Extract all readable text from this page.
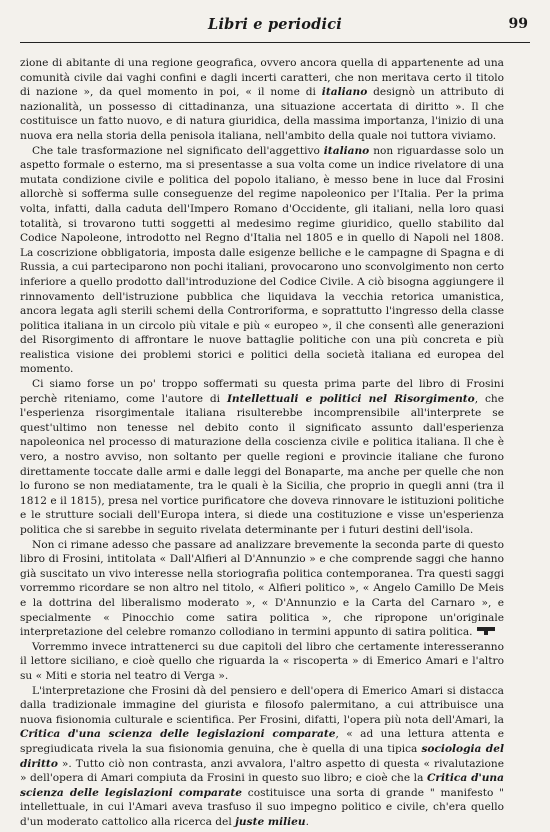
Libri e periodici	99

zione di abitante di una regione geografica, ovvero ancora quella di appartenente ad una comunità civile dai vaghi confini e dagli incerti caratteri, che non meritava certo il titolo di nazione », da quel momento in poi, « il nome di italiano designò un attributo di nazionalità, un possesso di cittadinanza, una situazione accertata di diritto ». Il che costituisce un fatto nuovo, e di natura giuridica, della massima importanza, l'inizio di una nuova era nella storia della penisola italiana, nell'ambito della quale noi tuttora viviamo.

Che tale trasformazione nel significato dell'aggettivo italiano non riguardasse solo un aspetto formale o esterno, ma si presentasse a sua volta come un indice rivelatore di una mutata condizione civile e politica del popolo italiano, è messo bene in luce dal Frosini allorchè si sofferma sulle conseguenze del regime napoleonico per l'Italia. Per la prima volta, infatti, dalla caduta dell'Impero Romano d'Occidente, gli italiani, nella loro quasi totalità, si trovarono tutti soggetti al medesimo regime giuridico, quello stabilito dal Codice Napoleone, introdotto nel Regno d'Italia nel 1805 e in quello di Napoli nel 1808. La coscrizione obbligatoria, imposta dalle esigenze belliche e le campagne di Spagna e di Russia, a cui parteciparono non pochi italiani, provocarono uno sconvolgimento non certo inferiore a quello prodotto dall'introduzione del Codice Civile. A ciò bisogna aggiungere il rinnovamento dell'istruzione pubblica che liquidava la vecchia retorica umanistica, ancora legata agli sterili schemi della Controriforma, e soprattutto l'ingresso della classe politica italiana in un circolo più vitale e più « europeo », il che consentì alle generazioni del Risorgimento di affrontare le nuove battaglie politiche con una più concreta e più realistica visione dei problemi storici e politici della società italiana ed europea del momento.

Ci siamo forse un po' troppo soffermati su questa prima parte del libro di Frosini perchè riteniamo, come l'autore di Intellettuali e politici nel Risorgimento, che l'esperienza risorgimentale italiana risulterebbe incomprensibile all'interprete se quest'ultimo non tenesse nel debito conto il significato assunto dall'esperienza napoleonica nel processo di maturazione della coscienza civile e politica italiana. Il che è vero, a nostro avviso, non soltanto per quelle regioni e provincie italiane che furono direttamente toccate dalle armi e dalle leggi del Bonaparte, ma anche per quelle che non lo furono se non mediatamente, tra le quali è la Sicilia, che proprio in quegli anni (tra il 1812 e il 1815), presa nel vortice purificatore che doveva rinnovare le istituzioni politiche e le strutture sociali dell'Europa intera, si diede una costituzione e visse un'esperienza politica che si sarebbe in seguito rivelata determinante per i futuri destini dell'isola.

Non ci rimane adesso che passare ad analizzare brevemente la seconda parte di questo libro di Frosini, intitolata « Dall'Alfieri al D'Annunzio » e che comprende saggi che hanno già suscitato un vivo interesse nella storiografia politica contemporanea. Tra questi saggi vorremmo ricordare se non altro nel titolo, « Alfieri politico », « Angelo Camillo De Meis e la dottrina del liberalismo moderato », « D'Annunzio e la Carta del Carnaro », e specialmente « Pinocchio come satira politica », che ripropone un'originale interpretazione del celebre romanzo collodiano in termini appunto di satira politica.

Vorremmo invece intrattenerci su due capitoli del libro che certamente interesseranno il lettore siciliano, e cioè quello che riguarda la « riscoperta » di Emerico Amari e l'altro su « Miti e storia nel teatro di Verga ».

L'interpretazione che Frosini dà del pensiero e dell'opera di Emerico Amari si distacca dalla tradizionale immagine del giurista e filosofo palermitano, a cui attribuisce una nuova fisionomia culturale e scientifica. Per Frosini, difatti, l'opera più nota dell'Amari, la Critica d'una scienza delle legislazioni comparate, « ad una lettura attenta e spregiudicata rivela la sua fisionomia genuina, che è quella di una tipica sociologia del diritto ». Tutto ciò non contrasta, anzi avvalora, l'altro aspetto di questa « rivalutazione » dell'opera di Amari compiuta da Frosini in questo suo libro; e cioè che la Critica d'una scienza delle legislazioni comparate costituisce una sorta di grande " manifesto " intellettuale, in cui l'Amari aveva trasfuso il suo impegno politico e civile, ch'era quello d'un moderato cattolico alla ricerca del juste milieu.
